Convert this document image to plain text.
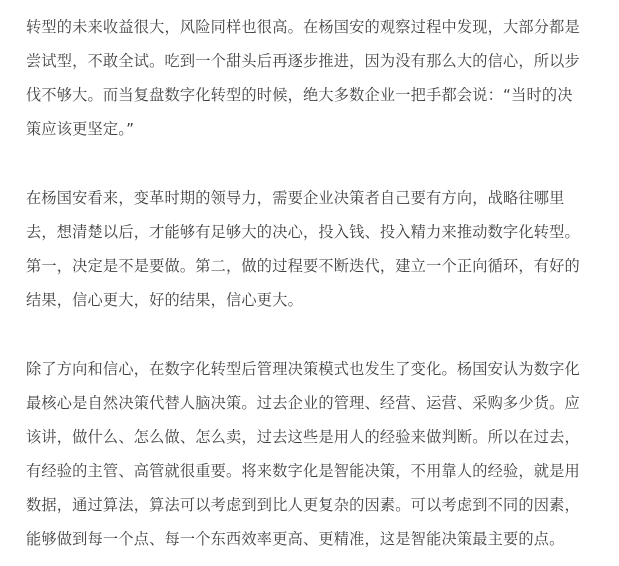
转型的未来收益很大，风险同样也很高。在杨国安的观察过程中发现，大部分都是
尝试型，不敢全试。吃到一个甜头后再逐步推进，因为没有那么大的信心，所以步
伐不够大。而当复盘数字化转型的时候，绝大多数企业一把手都会说：“当时的决
策应该更坚定。”

在杨国安看来，变革时期的领导力，需要企业决策者自己要有方向，战略往哪里
去，想清楚以后，才能够有足够大的决心，投入钱、投入精力来推动数字化转型。
第一，决定是不是要做。第二，做的过程要不断迭代，建立一个正向循环，有好的
结果，信心更大，好的结果，信心更大。

除了方向和信心，在数字化转型后管理决策模式也发生了变化。杨国安认为数字化
最核心是自然决策代替人脑决策。过去企业的管理、经营、运营、采购多少货。应
该讲，做什么、怎么做、怎么卖，过去这些是用人的经验来做判断。所以在过去，
有经验的主管、高管就很重要。将来数字化是智能决策，不用靠人的经验，就是用
数据，通过算法，算法可以考虑到到比人更复杂的因素。可以考虑到不同的因素，
能够做到每一个点、每一个东西效率更高、更精准，这是智能决策最主要的点。
